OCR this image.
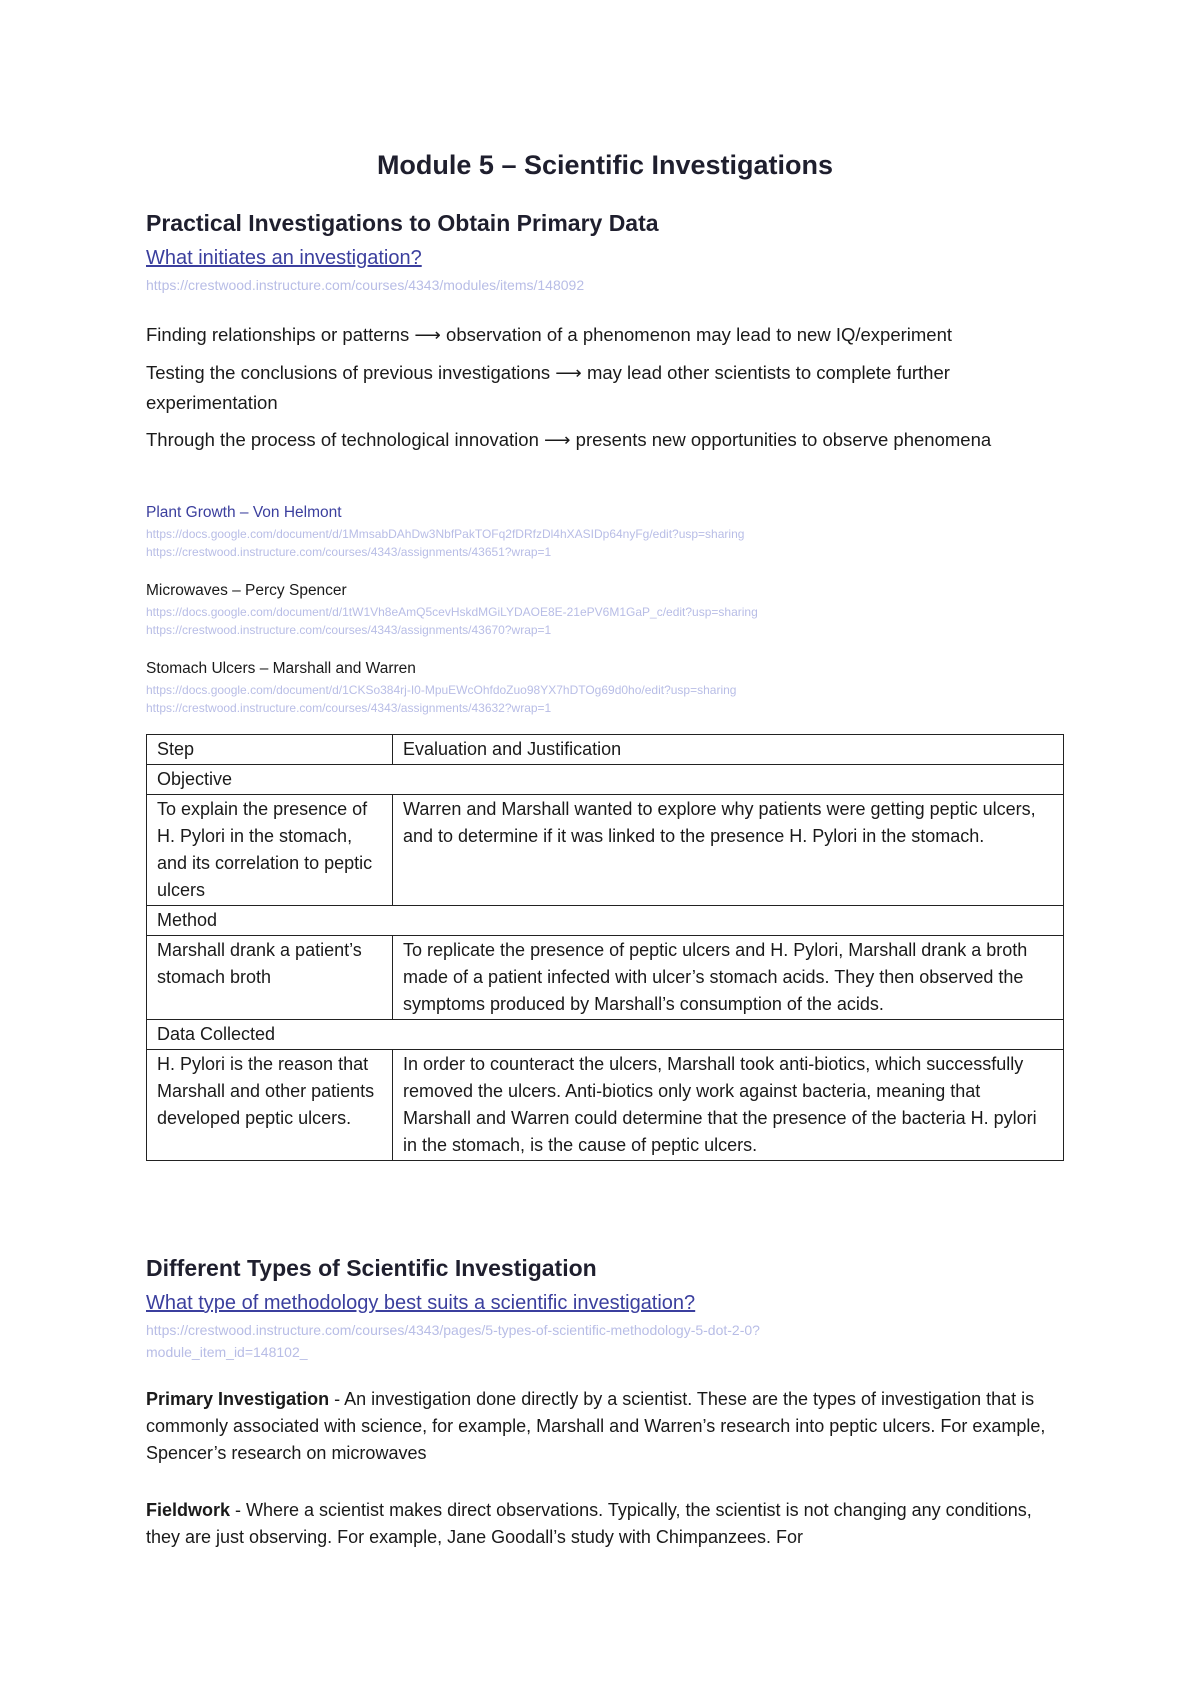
Module 5 – Scientific Investigations
Practical Investigations to Obtain Primary Data
What initiates an investigation?
https://crestwood.instructure.com/courses/4343/modules/items/148092
Finding relationships or patterns ⟶ observation of a phenomenon may lead to new IQ/experiment
Testing the conclusions of previous investigations ⟶ may lead other scientists to complete further experimentation
Through the process of technological innovation ⟶ presents new opportunities to observe phenomena
Plant Growth – Von Helmont
https://docs.google.com/document/d/1MmsabDAhDw3NbfPakTOFq2fDRfzDl4hXASIDp64nyFg/edit?usp=sharing
https://crestwood.instructure.com/courses/4343/assignments/43651?wrap=1
Microwaves – Percy Spencer
https://docs.google.com/document/d/1tW1Vh8eAmQ5cevHskdMGiLYDAOE8E-21ePV6M1GaP_c/edit?usp=sharing
https://crestwood.instructure.com/courses/4343/assignments/43670?wrap=1
Stomach Ulcers – Marshall and Warren
https://docs.google.com/document/d/1CKSo384rj-I0-MpuEWcOhfdoZuo98YX7hDTOg69d0ho/edit?usp=sharing
https://crestwood.instructure.com/courses/4343/assignments/43632?wrap=1
Step	Evaluation and Justification
Objective	
To explain the presence of H. Pylori in the stomach, and its correlation to peptic ulcers	Warren and Marshall wanted to explore why patients were getting peptic ulcers, and to determine if it was linked to the presence H. Pylori in the stomach.
Method	
Marshall drank a patient’s stomach broth	To replicate the presence of peptic ulcers and H. Pylori, Marshall drank a broth made of a patient infected with ulcer’s stomach acids. They then observed the symptoms produced by Marshall’s consumption of the acids.
Data Collected	
H. Pylori is the reason that Marshall and other patients developed peptic ulcers.	In order to counteract the ulcers, Marshall took anti-biotics, which successfully removed the ulcers. Anti-biotics only work against bacteria, meaning that Marshall and Warren could determine that the presence of the bacteria H. pylori in the stomach, is the cause of peptic ulcers.
Different Types of Scientific Investigation
What type of methodology best suits a scientific investigation?
https://crestwood.instructure.com/courses/4343/pages/5-types-of-scientific-methodology-5-dot-2-0?
module_item_id=148102_
Primary Investigation - An investigation done directly by a scientist. These are the types of investigation that is commonly associated with science, for example, Marshall and Warren’s research into peptic ulcers. For example, Spencer’s research on microwaves
Fieldwork - Where a scientist makes direct observations. Typically, the scientist is not changing any conditions, they are just observing. For example, Jane Goodall’s study with Chimpanzees. For
